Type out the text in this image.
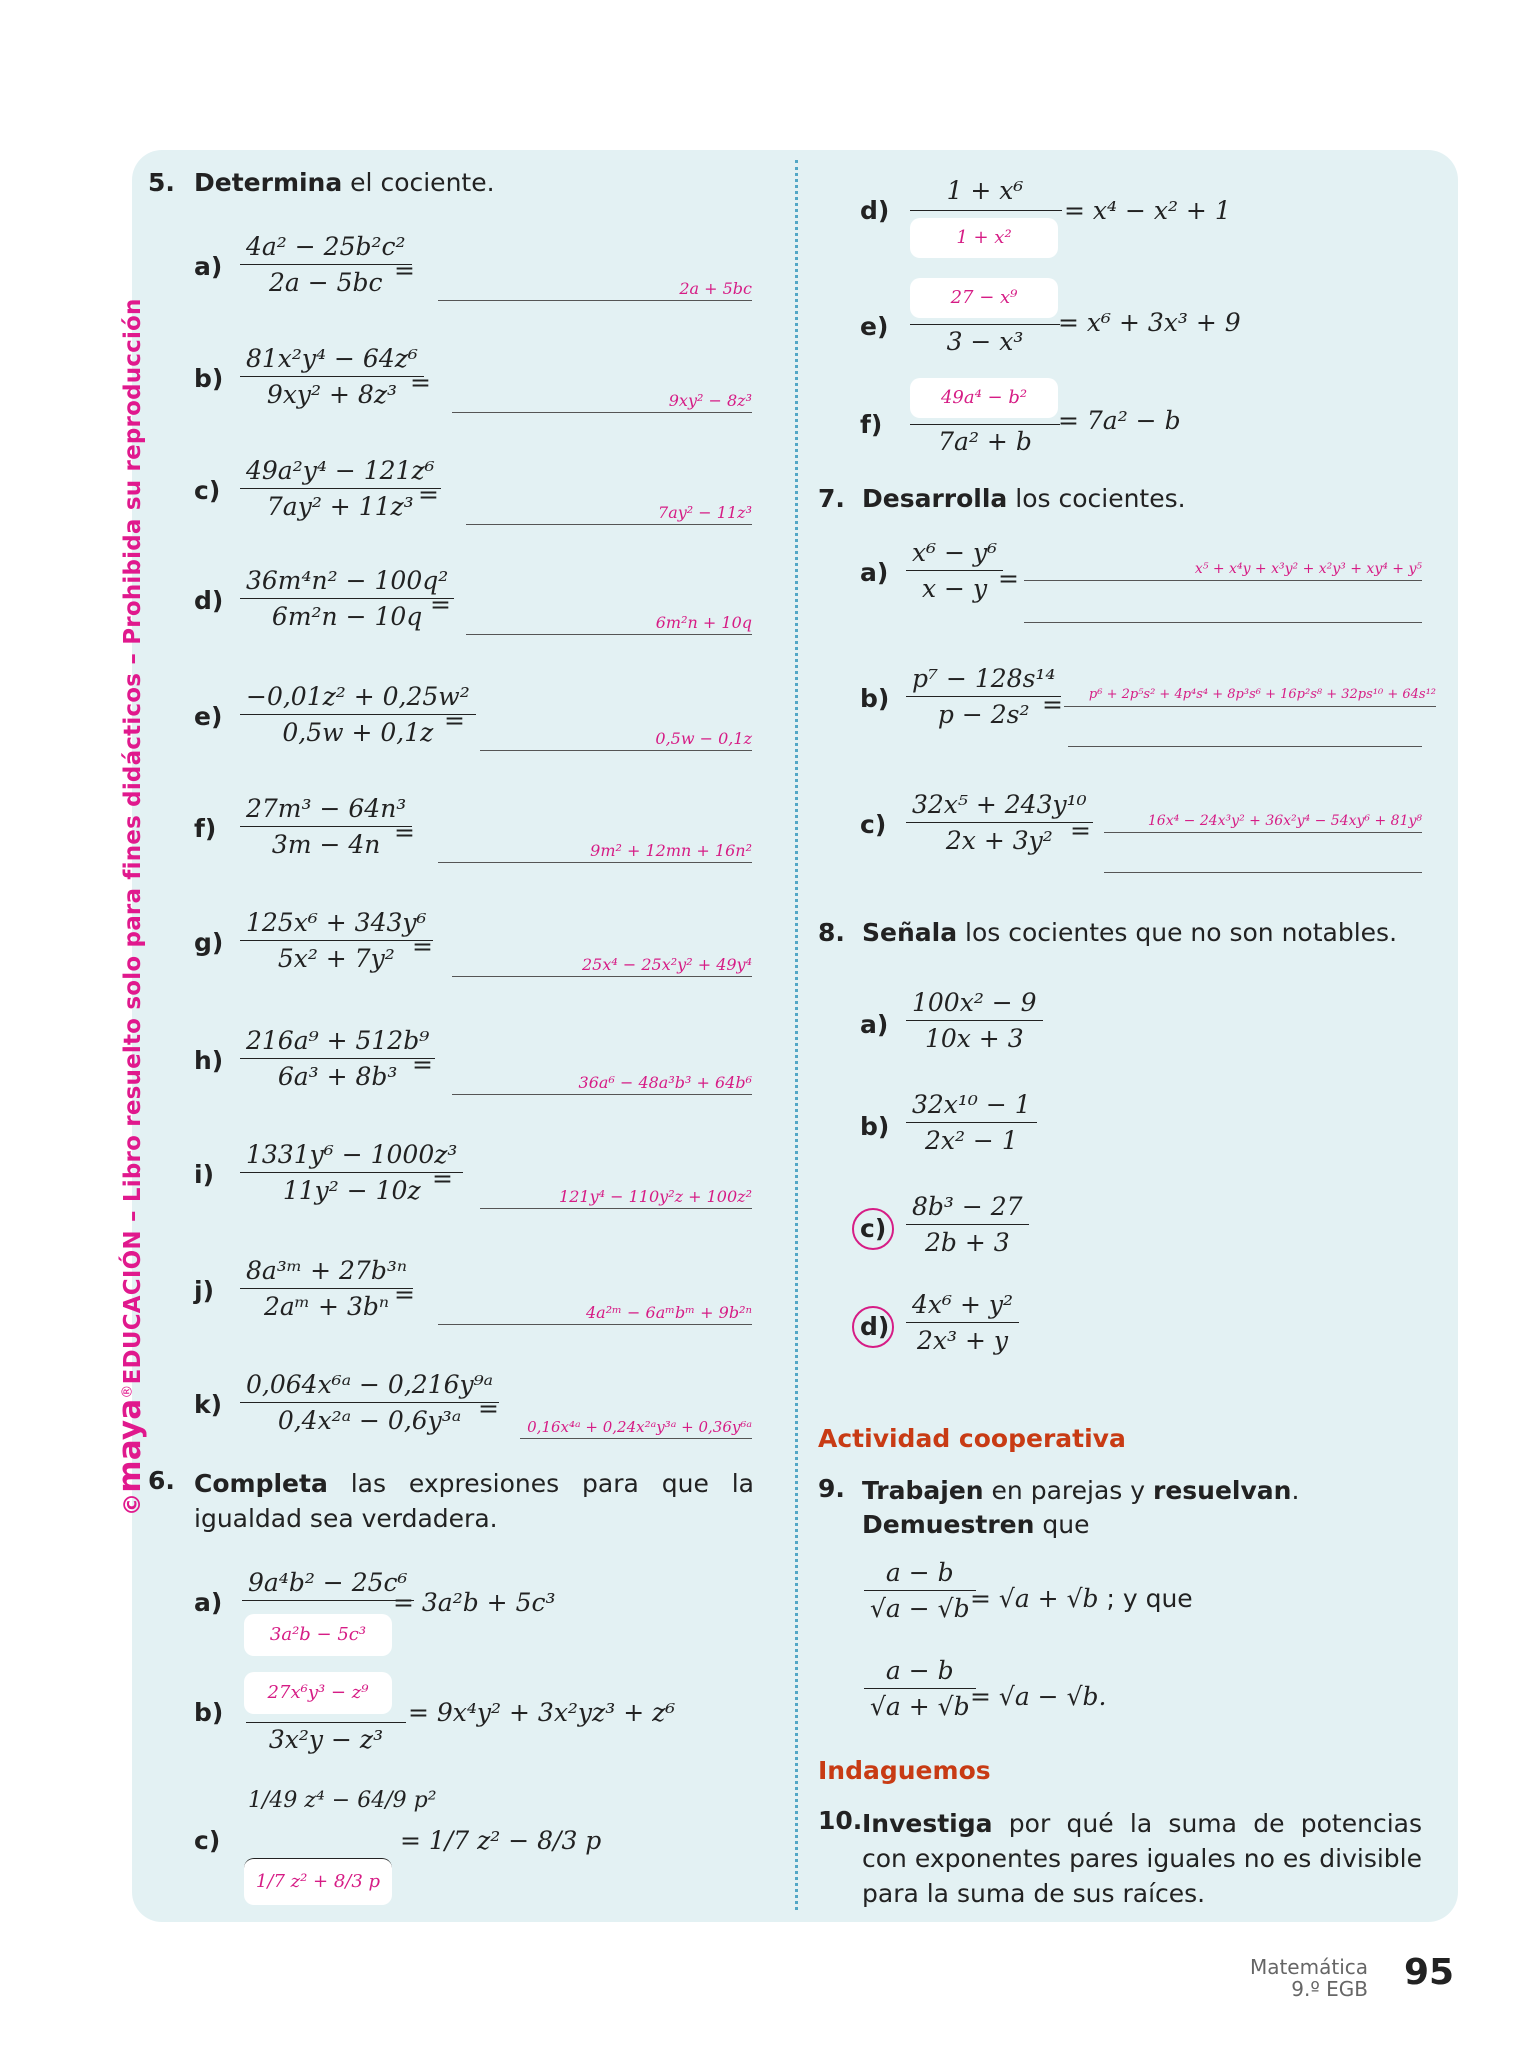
©maya®EDUCACIÓN – Libro resuelto solo para fines didácticos – Prohibida su reproducción
5. Determina el cociente.
$a) \frac{\text{4a² − 25b²c²}}{2a - 5bc}$
=
2a + 5bc
$b) \frac{\text{81x²y⁴ − 64z⁶}}{\text{9xy² + 8z³}}$
=
9xy² − 8z³
$c) \frac{\text{49a²y⁴ − 121z⁶}}{\text{7ay² + 11z³}}$
=
7ay² − 11z³
$d) \frac{\text{36m⁴n² − 100q²}}{\text{6m²n − 10q}}$
=
6m²n + 10q
$e) \frac{\text{−0,01z² + 0,25w²}}{0,5w + 0,1z}$
=
0,5w − 0,1z
$f) \frac{\text{27m³ − 64n³}}{3m - 4n}$
=
9m² + 12mn + 16n²
$g) \frac{\text{125x⁶ + 343y⁶}}{\text{5x² + 7y²}}$
=
25x⁴ − 25x²y² + 49y⁴
$h) \frac{\text{216a⁹ + 512b⁹}}{\text{6a³ + 8b³}}$
=
36a⁶ − 48a³b³ + 64b⁶
$i) \frac{\text{1331y⁶ − 1000z³}}{\text{11y² − 10z}}$
=
121y⁴ − 110y²z + 100z²
$j) \frac{\text{8a³ᵐ + 27b³ⁿ}}{\text{2aᵐ + 3bⁿ}}$
=
4a²ᵐ − 6aᵐbᵐ + 9b²ⁿ
$k) \frac{\text{0,064x⁶ᵃ − 0,216y⁹ᵃ}}{\text{0,4x²ᵃ − 0,6y³ᵃ}}$
=
0,16x⁴ᵃ + 0,24x²ᵃy³ᵃ + 0,36y⁶ᵃ
6. Completa las expresiones para que la igualdad sea verdadera.
a)
9a⁴b² − 25c⁶
3a²b − 5c³
= 3a²b + 5c³
b)
27x⁶y³ − z⁹
3x²y − z³
= 9x⁴y² + 3x²yz³ + z⁶
c)
1/49 z⁴ − 64/9 p²
1/7 z² + 8/3 p
= 1/7 z² − 8/3 p
d)
1 + x⁶
1 + x²
= x⁴ − x² + 1
e)
27 − x⁹
3 − x³
= x⁶ + 3x³ + 9
f)
49a⁴ − b²
7a² + b
= 7a² − b
7. Desarrolla los cocientes.
$a) \frac{\text{x⁶ − y⁶}}{x - y}$
=	x⁵ + x⁴y + x³y² + x²y³ + xy⁴ + y⁵
$b) \frac{\text{p⁷ − 128s¹⁴}}{\text{p − 2s²}}$
=	p⁶ + 2p⁵s² + 4p⁴s⁴ + 8p³s⁶ + 16p²s⁸ + 32ps¹⁰ + 64s¹²
$c) \frac{\text{32x⁵ + 243y¹⁰}}{\text{2x + 3y²}}$
=	16x⁴ − 24x³y² + 36x²y⁴ − 54xy⁶ + 81y⁸
8. Señala los cocientes que no son notables.
$a) \frac{\text{100x² − 9}}{10x + 3}$
$b) \frac{\text{32x¹⁰ − 1}}{\text{2x² − 1}}$
$c) \frac{\text{8b³ − 27}}{2b + 3}$
$d) \frac{\text{4x⁶ + y²}}{\text{2x³ + y}}$
Actividad cooperativa
9. Trabajen en parejas y resuelvan.
Demuestren que
$\frac{a - b}{√a - √b}$
= √a + √b ; y que
$\frac{a - b}{√a + √b}$
= √a − √b.
Indaguemos
10. Investiga por qué la suma de potencias con exponentes pares iguales no es divisible para la suma de sus raíces.
Matemática
9.º EGB 95
